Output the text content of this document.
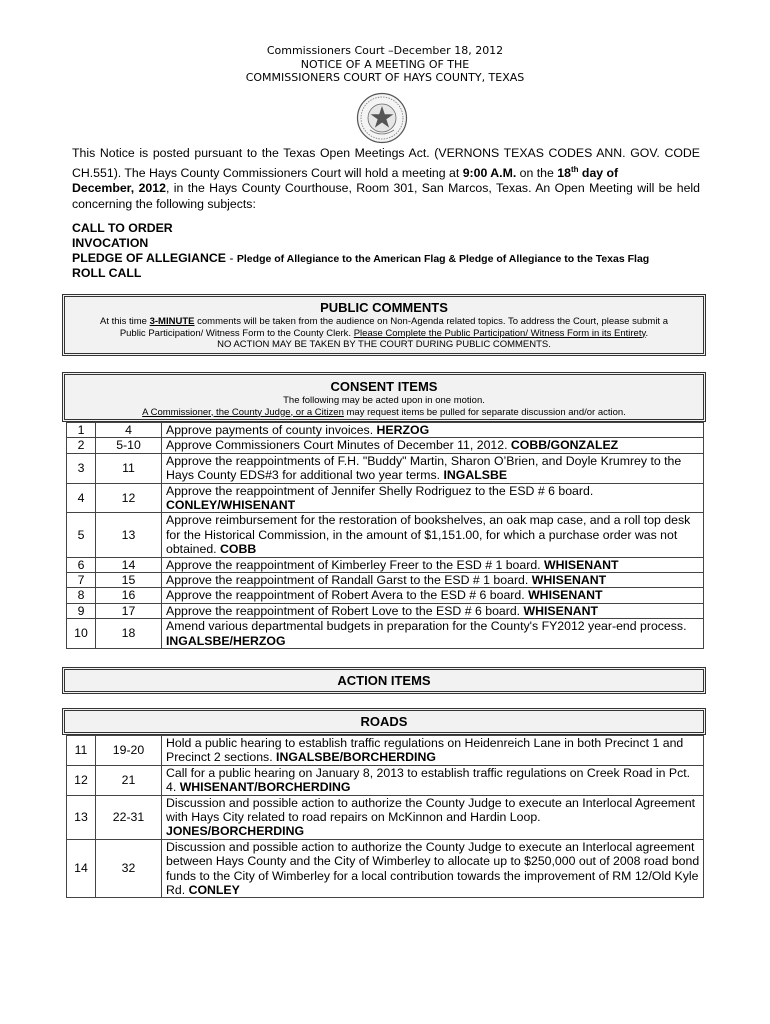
Commissioners Court –December 18, 2012
NOTICE OF A MEETING OF THE
COMMISSIONERS COURT OF HAYS COUNTY, TEXAS
This Notice is posted pursuant to the Texas Open Meetings Act. (VERNONS TEXAS CODES ANN. GOV. CODE CH.551). The Hays County Commissioners Court will hold a meeting at 9:00 A.M. on the 18th day of
December, 2012, in the Hays County Courthouse, Room 301, San Marcos, Texas. An Open Meeting will be held concerning the following subjects:
CALL TO ORDER
INVOCATION
PLEDGE OF ALLEGIANCE - Pledge of Allegiance to the American Flag & Pledge of Allegiance to the Texas Flag
ROLL CALL
PUBLIC COMMENTS
At this time 3-MINUTE comments will be taken from the audience on Non-Agenda related topics. To address the Court, please submit a
Public Participation/ Witness Form to the County Clerk. Please Complete the Public Participation/ Witness Form in its Entirety.
NO ACTION MAY BE TAKEN BY THE COURT DURING PUBLIC COMMENTS.
CONSENT ITEMS
The following may be acted upon in one motion.
A Commissioner, the County Judge, or a Citizen may request items be pulled for separate discussion and/or action.
1	4	Approve payments of county invoices. HERZOG
2	5-10	Approve Commissioners Court Minutes of December 11, 2012. COBB/GONZALEZ
3	11	Approve the reappointments of F.H. "Buddy" Martin, Sharon O’Brien, and Doyle Krumrey to the Hays County EDS#3 for additional two year terms. INGALSBE
4	12	Approve the reappointment of Jennifer Shelly Rodriguez to the ESD # 6 board.
CONLEY/WHISENANT
5	13	Approve reimbursement for the restoration of bookshelves, an oak map case, and a roll top desk for the Historical Commission, in the amount of $1,151.00, for which a purchase order was not obtained. COBB
6	14	Approve the reappointment of Kimberley Freer to the ESD # 1 board. WHISENANT
7	15	Approve the reappointment of Randall Garst to the ESD # 1 board. WHISENANT
8	16	Approve the reappointment of Robert Avera to the ESD # 6 board. WHISENANT
9	17	Approve the reappointment of Robert Love to the ESD # 6 board. WHISENANT
10	18	Amend various departmental budgets in preparation for the County's FY2012 year-end process.
INGALSBE/HERZOG
ACTION ITEMS
ROADS
11	19-20	Hold a public hearing to establish traffic regulations on Heidenreich Lane in both Precinct 1 and Precinct 2 sections. INGALSBE/BORCHERDING
12	21	Call for a public hearing on January 8, 2013 to establish traffic regulations on Creek Road in Pct. 4. WHISENANT/BORCHERDING
13	22-31	Discussion and possible action to authorize the County Judge to execute an Interlocal Agreement with Hays City related to road repairs on McKinnon and Hardin Loop.
JONES/BORCHERDING
14	32	Discussion and possible action to authorize the County Judge to execute an Interlocal agreement between Hays County and the City of Wimberley to allocate up to $250,000 out of 2008 road bond funds to the City of Wimberley for a local contribution towards the improvement of RM 12/Old Kyle Rd. CONLEY
